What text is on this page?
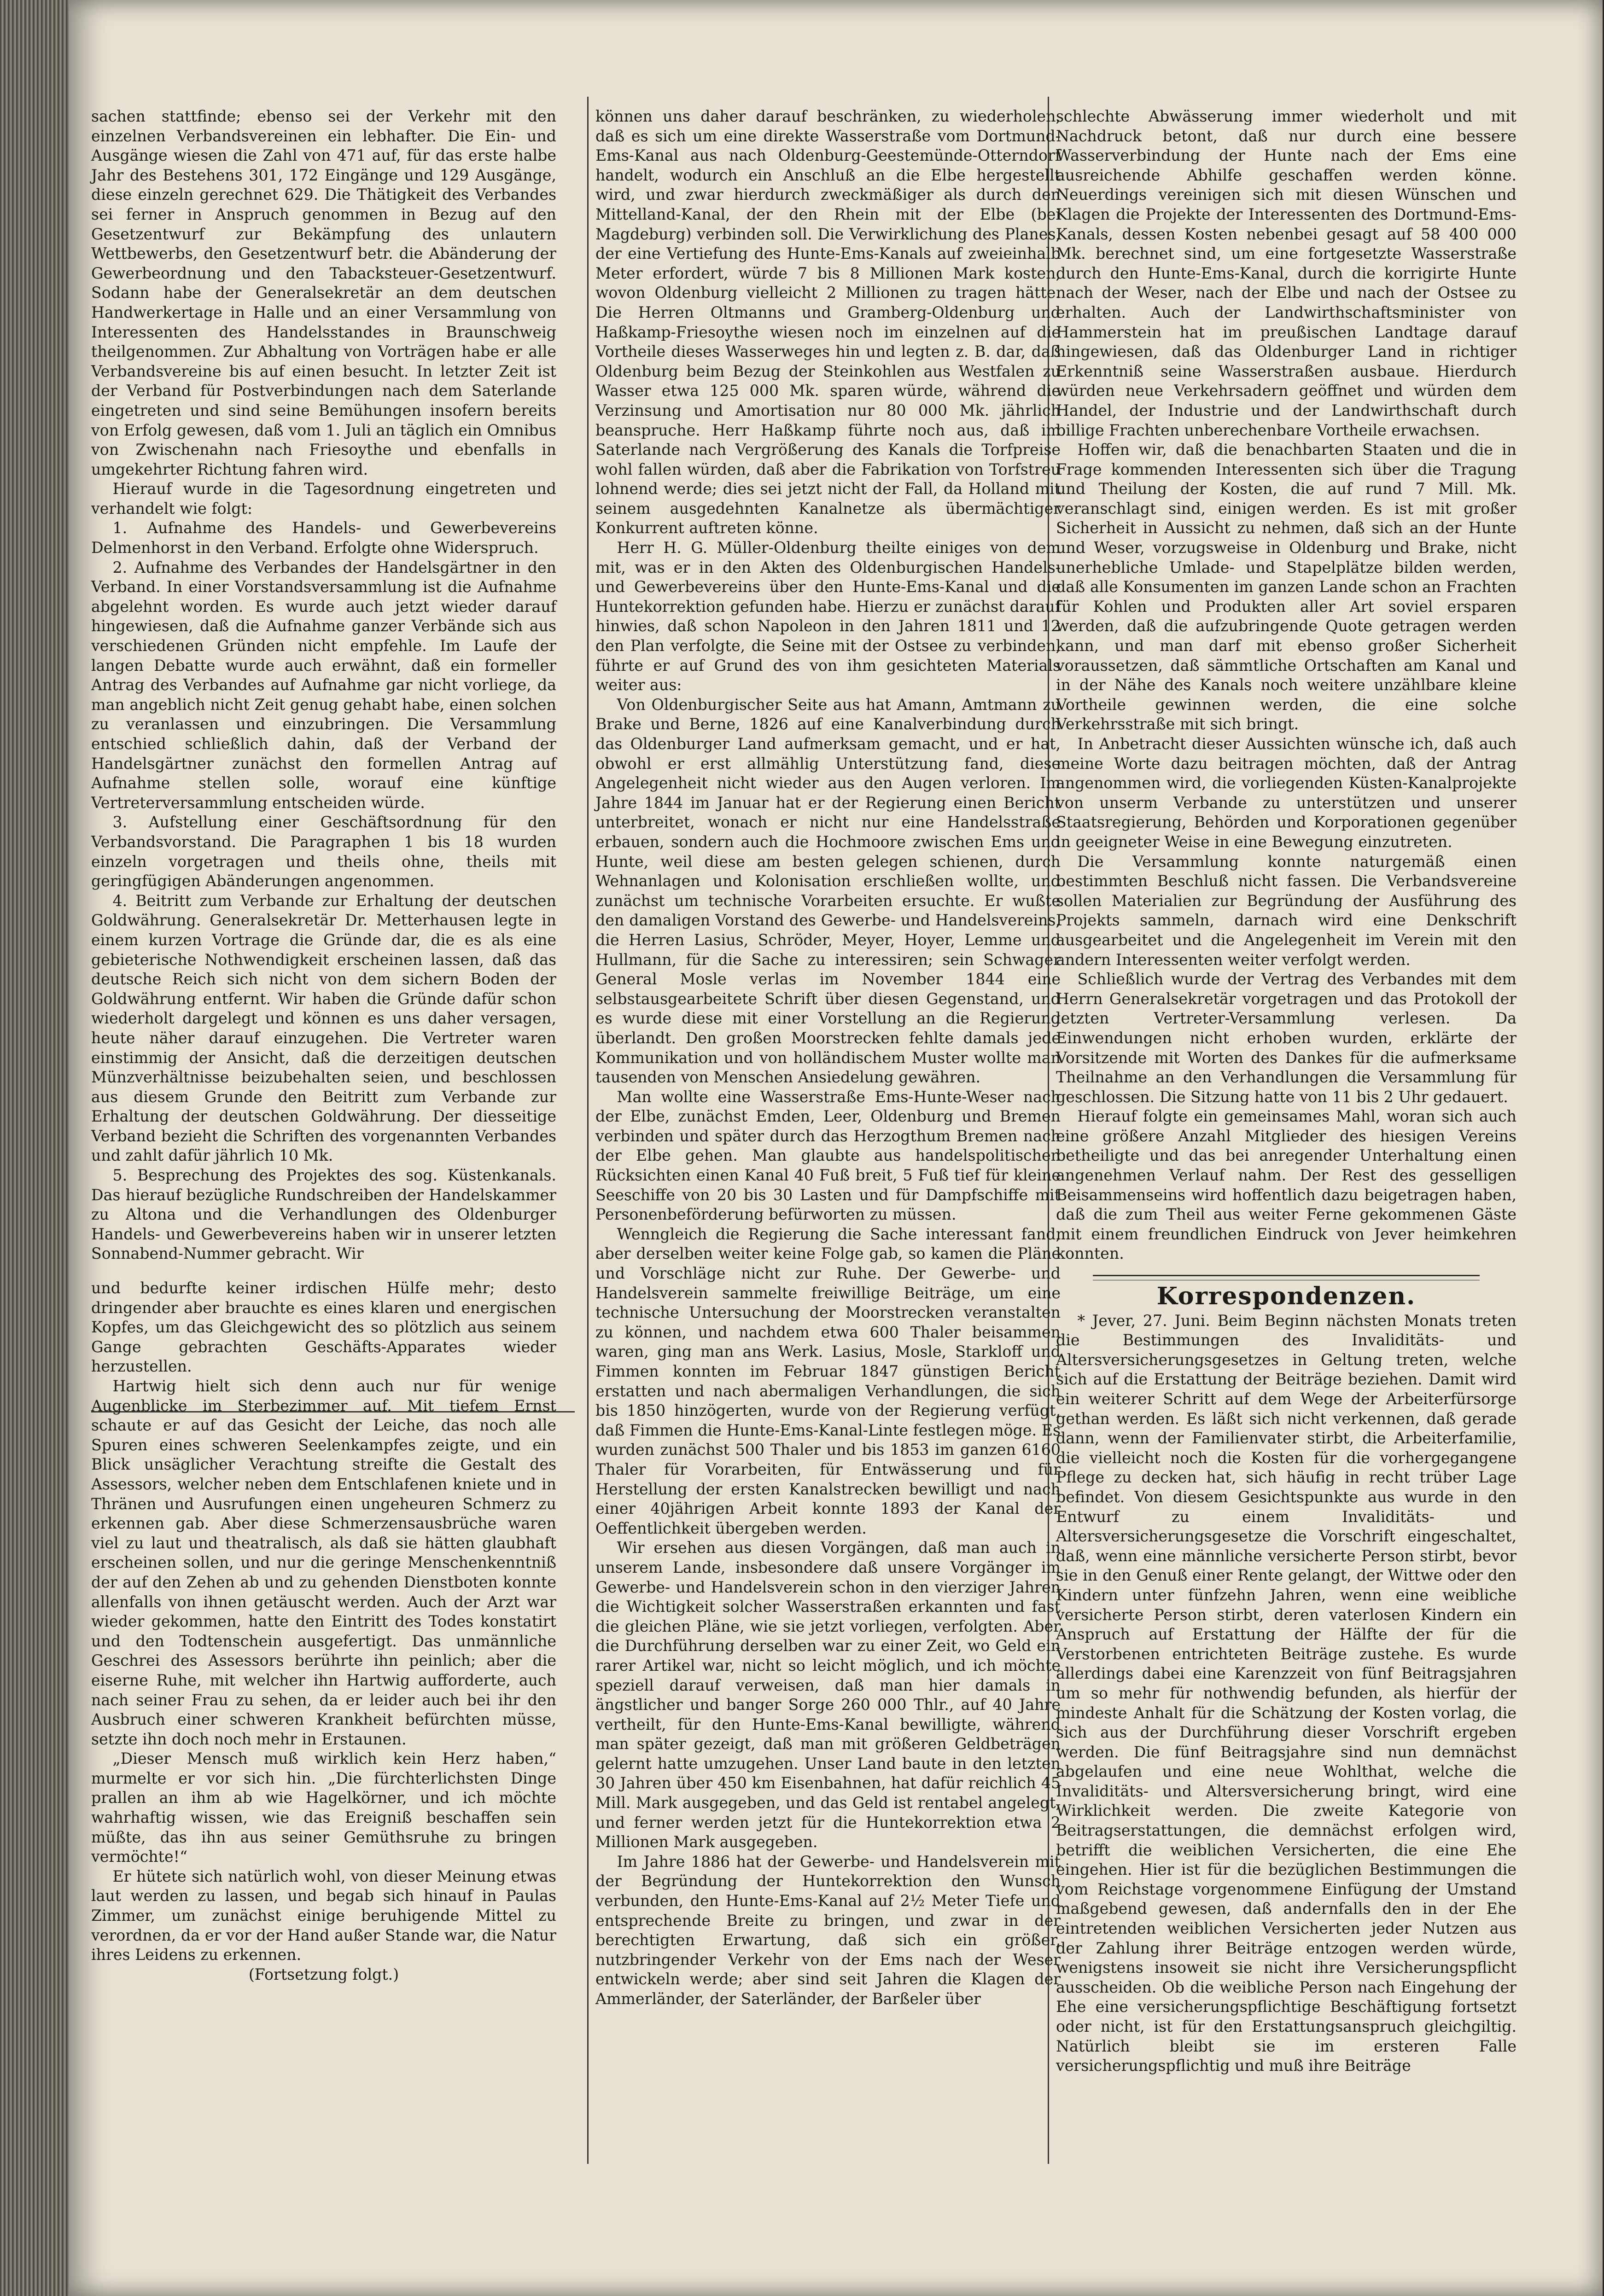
sachen stattfinde; ebenso sei der Verkehr mit den einzelnen Verbandsvereinen ein lebhafter. Die Ein- und Ausgänge wiesen die Zahl von 471 auf, für das erste halbe Jahr des Bestehens 301, 172 Eingänge und 129 Ausgänge, diese einzeln gerechnet 629. Die Thätigkeit des Verbandes sei ferner in Anspruch genommen in Bezug auf den Gesetzentwurf zur Bekämpfung des unlautern Wettbewerbs, den Gesetzentwurf betr. die Abänderung der Gewerbeordnung und den Tabacksteuer-Gesetzentwurf. Sodann habe der Generalsekretär an dem deutschen Handwerkertage in Halle und an einer Versammlung von Interessenten des Handelsstandes in Braunschweig theilgenommen. Zur Abhaltung von Vorträgen habe er alle Verbandsvereine bis auf einen besucht. In letzter Zeit ist der Verband für Postverbindungen nach dem Saterlande eingetreten und sind seine Bemühungen insofern bereits von Erfolg gewesen, daß vom 1. Juli an täglich ein Omnibus von Zwischenahn nach Friesoythe und ebenfalls in umgekehrter Richtung fahren wird.

Hierauf wurde in die Tagesordnung eingetreten und verhandelt wie folgt:

1. Aufnahme des Handels- und Gewerbevereins Delmenhorst in den Verband. Erfolgte ohne Widerspruch.

2. Aufnahme des Verbandes der Handelsgärtner in den Verband. In einer Vorstandsversammlung ist die Aufnahme abgelehnt worden. Es wurde auch jetzt wieder darauf hingewiesen, daß die Aufnahme ganzer Verbände sich aus verschiedenen Gründen nicht empfehle. Im Laufe der langen Debatte wurde auch erwähnt, daß ein formeller Antrag des Verbandes auf Aufnahme gar nicht vorliege, da man angeblich nicht Zeit genug gehabt habe, einen solchen zu veranlassen und einzubringen. Die Versammlung entschied schließlich dahin, daß der Verband der Handelsgärtner zunächst den formellen Antrag auf Aufnahme stellen solle, worauf eine künftige Vertreterversammlung entscheiden würde.

3. Aufstellung einer Geschäftsordnung für den Verbandsvorstand. Die Paragraphen 1 bis 18 wurden einzeln vorgetragen und theils ohne, theils mit geringfügigen Abänderungen angenommen.

4. Beitritt zum Verbande zur Erhaltung der deutschen Goldwährung. Generalsekretär Dr. Metterhausen legte in einem kurzen Vortrage die Gründe dar, die es als eine gebieterische Nothwendigkeit erscheinen lassen, daß das deutsche Reich sich nicht von dem sichern Boden der Goldwährung entfernt. Wir haben die Gründe dafür schon wiederholt dargelegt und können es uns daher versagen, heute näher darauf einzugehen. Die Vertreter waren einstimmig der Ansicht, daß die derzeitigen deutschen Münzverhältnisse beizubehalten seien, und beschlossen aus diesem Grunde den Beitritt zum Verbande zur Erhaltung der deutschen Goldwährung. Der diesseitige Verband bezieht die Schriften des vorgenannten Verbandes und zahlt dafür jährlich 10 Mk.

5. Besprechung des Projektes des sog. Küstenkanals. Das hierauf bezügliche Rundschreiben der Handelskammer zu Altona und die Verhandlungen des Oldenburger Handels- und Gewerbevereins haben wir in unserer letzten Sonnabend-Nummer gebracht. Wir

und bedurfte keiner irdischen Hülfe mehr; desto dringender aber brauchte es eines klaren und energischen Kopfes, um das Gleichgewicht des so plötzlich aus seinem Gange gebrachten Geschäfts-Apparates wieder herzustellen.

Hartwig hielt sich denn auch nur für wenige Augenblicke im Sterbezimmer auf. Mit tiefem Ernst schaute er auf das Gesicht der Leiche, das noch alle Spuren eines schweren Seelenkampfes zeigte, und ein Blick unsäglicher Verachtung streifte die Gestalt des Assessors, welcher neben dem Entschlafenen kniete und in Thränen und Ausrufungen einen ungeheuren Schmerz zu erkennen gab. Aber diese Schmerzensausbrüche waren viel zu laut und theatralisch, als daß sie hätten glaubhaft erscheinen sollen, und nur die geringe Menschenkenntniß der auf den Zehen ab und zu gehenden Dienstboten konnte allenfalls von ihnen getäuscht werden. Auch der Arzt war wieder gekommen, hatte den Eintritt des Todes konstatirt und den Todtenschein ausgefertigt. Das unmännliche Geschrei des Assessors berührte ihn peinlich; aber die eiserne Ruhe, mit welcher ihn Hartwig aufforderte, auch nach seiner Frau zu sehen, da er leider auch bei ihr den Ausbruch einer schweren Krankheit befürchten müsse, setzte ihn doch noch mehr in Erstaunen.

„Dieser Mensch muß wirklich kein Herz haben,“ murmelte er vor sich hin. „Die fürchterlichsten Dinge prallen an ihm ab wie Hagelkörner, und ich möchte wahrhaftig wissen, wie das Ereigniß beschaffen sein müßte, das ihn aus seiner Gemüthsruhe zu bringen vermöchte!“

Er hütete sich natürlich wohl, von dieser Meinung etwas laut werden zu lassen, und begab sich hinauf in Paulas Zimmer, um zunächst einige beruhigende Mittel zu verordnen, da er vor der Hand außer Stande war, die Natur ihres Leidens zu erkennen.

(Fortsetzung folgt.)

können uns daher darauf beschränken, zu wiederholen, daß es sich um eine direkte Wasserstraße vom Dortmund-Ems-Kanal aus nach Oldenburg-Geestemünde-Otterndorf handelt, wodurch ein Anschluß an die Elbe hergestellt wird, und zwar hierdurch zweckmäßiger als durch den Mittelland-Kanal, der den Rhein mit der Elbe (bei Magdeburg) verbinden soll. Die Verwirklichung des Planes, der eine Vertiefung des Hunte-Ems-Kanals auf zweieinhalb Meter erfordert, würde 7 bis 8 Millionen Mark kosten, wovon Oldenburg vielleicht 2 Millionen zu tragen hätte. Die Herren Oltmanns und Gramberg-Oldenburg und Haßkamp-Friesoythe wiesen noch im einzelnen auf die Vortheile dieses Wasserweges hin und legten z. B. dar, daß Oldenburg beim Bezug der Steinkohlen aus Westfalen zu Wasser etwa 125 000 Mk. sparen würde, während die Verzinsung und Amortisation nur 80 000 Mk. jährlich beanspruche. Herr Haßkamp führte noch aus, daß im Saterlande nach Vergrößerung des Kanals die Torfpreise wohl fallen würden, daß aber die Fabrikation von Torfstreu lohnend werde; dies sei jetzt nicht der Fall, da Holland mit seinem ausgedehnten Kanalnetze als übermächtiger Konkurrent auftreten könne.

Herr H. G. Müller-Oldenburg theilte einiges von dem mit, was er in den Akten des Oldenburgischen Handels- und Gewerbevereins über den Hunte-Ems-Kanal und die Huntekorrektion gefunden habe. Hierzu er zunächst darauf hinwies, daß schon Napoleon in den Jahren 1811 und 12 den Plan verfolgte, die Seine mit der Ostsee zu verbinden, führte er auf Grund des von ihm gesichteten Materials weiter aus:

Von Oldenburgischer Seite aus hat Amann, Amtmann zu Brake und Berne, 1826 auf eine Kanalverbindung durch das Oldenburger Land aufmerksam gemacht, und er hat, obwohl er erst allmählig Unterstützung fand, diese Angelegenheit nicht wieder aus den Augen verloren. Im Jahre 1844 im Januar hat er der Regierung einen Bericht unterbreitet, wonach er nicht nur eine Handelsstraße erbauen, sondern auch die Hochmoore zwischen Ems und Hunte, weil diese am besten gelegen schienen, durch Wehnanlagen und Kolonisation erschließen wollte, und zunächst um technische Vorarbeiten ersuchte. Er wußte den damaligen Vorstand des Gewerbe- und Handelsvereins, die Herren Lasius, Schröder, Meyer, Hoyer, Lemme und Hullmann, für die Sache zu interessiren; sein Schwager General Mosle verlas im November 1844 eine selbstausgearbeitete Schrift über diesen Gegenstand, und es wurde diese mit einer Vorstellung an die Regierung überlandt. Den großen Moorstrecken fehlte damals jede Kommunikation und von holländischem Muster wollte man tausenden von Menschen Ansiedelung gewähren.

Man wollte eine Wasserstraße Ems-Hunte-Weser nach der Elbe, zunächst Emden, Leer, Oldenburg und Bremen verbinden und später durch das Herzogthum Bremen nach der Elbe gehen. Man glaubte aus handelspolitischen Rücksichten einen Kanal 40 Fuß breit, 5 Fuß tief für kleine Seeschiffe von 20 bis 30 Lasten und für Dampfschiffe mit Personenbeförderung befürworten zu müssen.

Wenngleich die Regierung die Sache interessant fand, aber derselben weiter keine Folge gab, so kamen die Pläne und Vorschläge nicht zur Ruhe. Der Gewerbe- und Handelsverein sammelte freiwillige Beiträge, um eine technische Untersuchung der Moorstrecken veranstalten zu können, und nachdem etwa 600 Thaler beisammen waren, ging man ans Werk. Lasius, Mosle, Starkloff und Fimmen konnten im Februar 1847 günstigen Bericht erstatten und nach abermaligen Verhandlungen, die sich bis 1850 hinzögerten, wurde von der Regierung verfügt, daß Fimmen die Hunte-Ems-Kanal-Linte festlegen möge. Es wurden zunächst 500 Thaler und bis 1853 im ganzen 6160 Thaler für Vorarbeiten, für Entwässerung und für Herstellung der ersten Kanalstrecken bewilligt und nach einer 40jährigen Arbeit konnte 1893 der Kanal der Oeffentlichkeit übergeben werden.

Wir ersehen aus diesen Vorgängen, daß man auch in unserem Lande, insbesondere daß unsere Vorgänger im Gewerbe- und Handelsverein schon in den vierziger Jahren die Wichtigkeit solcher Wasserstraßen erkannten und fast die gleichen Pläne, wie sie jetzt vorliegen, verfolgten. Aber die Durchführung derselben war zu einer Zeit, wo Geld ein rarer Artikel war, nicht so leicht möglich, und ich möchte speziell darauf verweisen, daß man hier damals in ängstlicher und banger Sorge 260 000 Thlr., auf 40 Jahre vertheilt, für den Hunte-Ems-Kanal bewilligte, während man später gezeigt, daß man mit größeren Geldbeträgen gelernt hatte umzugehen. Unser Land baute in den letzten 30 Jahren über 450 km Eisenbahnen, hat dafür reichlich 45 Mill. Mark ausgegeben, und das Geld ist rentabel angelegt, und ferner werden jetzt für die Huntekorrektion etwa 2 Millionen Mark ausgegeben.

Im Jahre 1886 hat der Gewerbe- und Handelsverein mit der Begründung der Huntekorrektion den Wunsch verbunden, den Hunte-Ems-Kanal auf 2½ Meter Tiefe und entsprechende Breite zu bringen, und zwar in der berechtigten Erwartung, daß sich ein größer, nutzbringender Verkehr von der Ems nach der Weser entwickeln werde; aber sind seit Jahren die Klagen der Ammerländer, der Saterländer, der Barßeler über

schlechte Abwässerung immer wiederholt und mit Nachdruck betont, daß nur durch eine bessere Wasserverbindung der Hunte nach der Ems eine ausreichende Abhilfe geschaffen werden könne. Neuerdings vereinigen sich mit diesen Wünschen und Klagen die Projekte der Interessenten des Dortmund-Ems-Kanals, dessen Kosten nebenbei gesagt auf 58 400 000 Mk. berechnet sind, um eine fortgesetzte Wasserstraße durch den Hunte-Ems-Kanal, durch die korrigirte Hunte nach der Weser, nach der Elbe und nach der Ostsee zu erhalten. Auch der Landwirthschaftsminister von Hammerstein hat im preußischen Landtage darauf hingewiesen, daß das Oldenburger Land in richtiger Erkenntniß seine Wasserstraßen ausbaue. Hierdurch würden neue Verkehrsadern geöffnet und würden dem Handel, der Industrie und der Landwirthschaft durch billige Frachten unberechenbare Vortheile erwachsen.

Hoffen wir, daß die benachbarten Staaten und die in Frage kommenden Interessenten sich über die Tragung und Theilung der Kosten, die auf rund 7 Mill. Mk. veranschlagt sind, einigen werden. Es ist mit großer Sicherheit in Aussicht zu nehmen, daß sich an der Hunte und Weser, vorzugsweise in Oldenburg und Brake, nicht unerhebliche Umlade- und Stapelplätze bilden werden, daß alle Konsumenten im ganzen Lande schon an Frachten für Kohlen und Produkten aller Art soviel ersparen werden, daß die aufzubringende Quote getragen werden kann, und man darf mit ebenso großer Sicherheit voraussetzen, daß sämmtliche Ortschaften am Kanal und in der Nähe des Kanals noch weitere unzählbare kleine Vortheile gewinnen werden, die eine solche Verkehrsstraße mit sich bringt.

In Anbetracht dieser Aussichten wünsche ich, daß auch meine Worte dazu beitragen möchten, daß der Antrag angenommen wird, die vorliegenden Küsten-Kanalprojekte von unserm Verbande zu unterstützen und unserer Staatsregierung, Behörden und Korporationen gegenüber in geeigneter Weise in eine Bewegung einzutreten.

Die Versammlung konnte naturgemäß einen bestimmten Beschluß nicht fassen. Die Verbandsvereine sollen Materialien zur Begründung der Ausführung des Projekts sammeln, darnach wird eine Denkschrift ausgearbeitet und die Angelegenheit im Verein mit den andern Interessenten weiter verfolgt werden.

Schließlich wurde der Vertrag des Verbandes mit dem Herrn Generalsekretär vorgetragen und das Protokoll der letzten Vertreter-Versammlung verlesen. Da Einwendungen nicht erhoben wurden, erklärte der Vorsitzende mit Worten des Dankes für die aufmerksame Theilnahme an den Verhandlungen die Versammlung für geschlossen. Die Sitzung hatte von 11 bis 2 Uhr gedauert.

Hierauf folgte ein gemeinsames Mahl, woran sich auch eine größere Anzahl Mitglieder des hiesigen Vereins betheiligte und das bei anregender Unterhaltung einen angenehmen Verlauf nahm. Der Rest des gesselligen Beisammenseins wird hoffentlich dazu beigetragen haben, daß die zum Theil aus weiter Ferne gekommenen Gäste mit einem freundlichen Eindruck von Jever heimkehren konnten.

Korrespondenzen.

* Jever, 27. Juni. Beim Beginn nächsten Monats treten die Bestimmungen des Invaliditäts- und Altersversicherungsgesetzes in Geltung treten, welche sich auf die Erstattung der Beiträge beziehen. Damit wird ein weiterer Schritt auf dem Wege der Arbeiterfürsorge gethan werden. Es läßt sich nicht verkennen, daß gerade dann, wenn der Familienvater stirbt, die Arbeiterfamilie, die vielleicht noch die Kosten für die vorhergegangene Pflege zu decken hat, sich häufig in recht trüber Lage befindet. Von diesem Gesichtspunkte aus wurde in den Entwurf zu einem Invaliditäts- und Altersversicherungsgesetze die Vorschrift eingeschaltet, daß, wenn eine männliche versicherte Person stirbt, bevor sie in den Genuß einer Rente gelangt, der Wittwe oder den Kindern unter fünfzehn Jahren, wenn eine weibliche versicherte Person stirbt, deren vaterlosen Kindern ein Anspruch auf Erstattung der Hälfte der für die Verstorbenen entrichteten Beiträge zustehe. Es wurde allerdings dabei eine Karenzzeit von fünf Beitragsjahren um so mehr für nothwendig befunden, als hierfür der mindeste Anhalt für die Schätzung der Kosten vorlag, die sich aus der Durchführung dieser Vorschrift ergeben werden. Die fünf Beitragsjahre sind nun demnächst abgelaufen und eine neue Wohlthat, welche die Invaliditäts- und Altersversicherung bringt, wird eine Wirklichkeit werden. Die zweite Kategorie von Beitragserstattungen, die demnächst erfolgen wird, betrifft die weiblichen Versicherten, die eine Ehe eingehen. Hier ist für die bezüglichen Bestimmungen die vom Reichstage vorgenommene Einfügung der Umstand maßgebend gewesen, daß andernfalls den in der Ehe eintretenden weiblichen Versicherten jeder Nutzen aus der Zahlung ihrer Beiträge entzogen werden würde, wenigstens insoweit sie nicht ihre Versicherungspflicht ausscheiden. Ob die weibliche Person nach Eingehung der Ehe eine versicherungspflichtige Beschäftigung fortsetzt oder nicht, ist für den Erstattungsanspruch gleichgiltig. Natürlich bleibt sie im ersteren Falle versicherungspflichtig und muß ihre Beiträge
